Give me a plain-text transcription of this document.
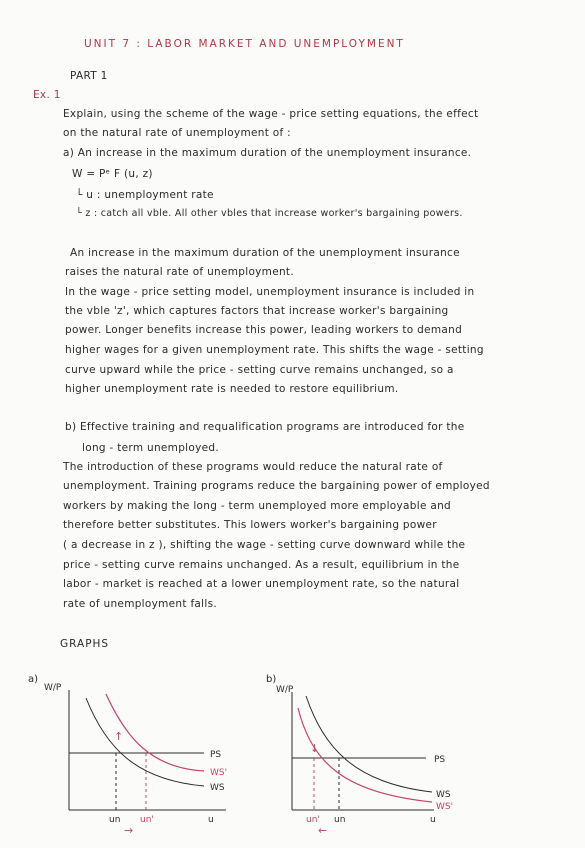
UNIT 7 : LABOR MARKET AND UNEMPLOYMENT
PART 1
Ex. 1
Explain, using the scheme of the wage - price setting equations, the effect
on the natural rate of unemployment of :
a) An increase in the maximum duration of the unemployment insurance.
W = Pᵉ F (u, z)
└ u : unemployment rate
└ z : catch all vble. All other vbles that increase worker's bargaining powers.
An increase in the maximum duration of the unemployment insurance
raises the natural rate of unemployment.
In the wage - price setting model, unemployment insurance is included in
the vble 'z', which captures factors that increase worker's bargaining
power. Longer benefits increase this power, leading workers to demand
higher wages for a given unemployment rate. This shifts the wage - setting
curve upward while the price - setting curve remains unchanged, so a
higher unemployment rate is needed to restore equilibrium.
b) Effective training and requalification programs are introduced for the
long - term unemployed.
The introduction of these programs would reduce the natural rate of
unemployment. Training programs reduce the bargaining power of employed
workers by making the long - term unemployed more employable and
therefore better substitutes. This lowers worker's bargaining power
( a decrease in z ), shifting the wage - setting curve downward while the
price - setting curve remains unchanged. As a result, equilibrium in the
labor - market is reached at a lower unemployment rate, so the natural
rate of unemployment falls.
GRAPHS
a)
W/P
↑
PS
WS'
WS
u
un un'
→
b)
W/P
↓
PS
WS
WS'
u
un' un
←
